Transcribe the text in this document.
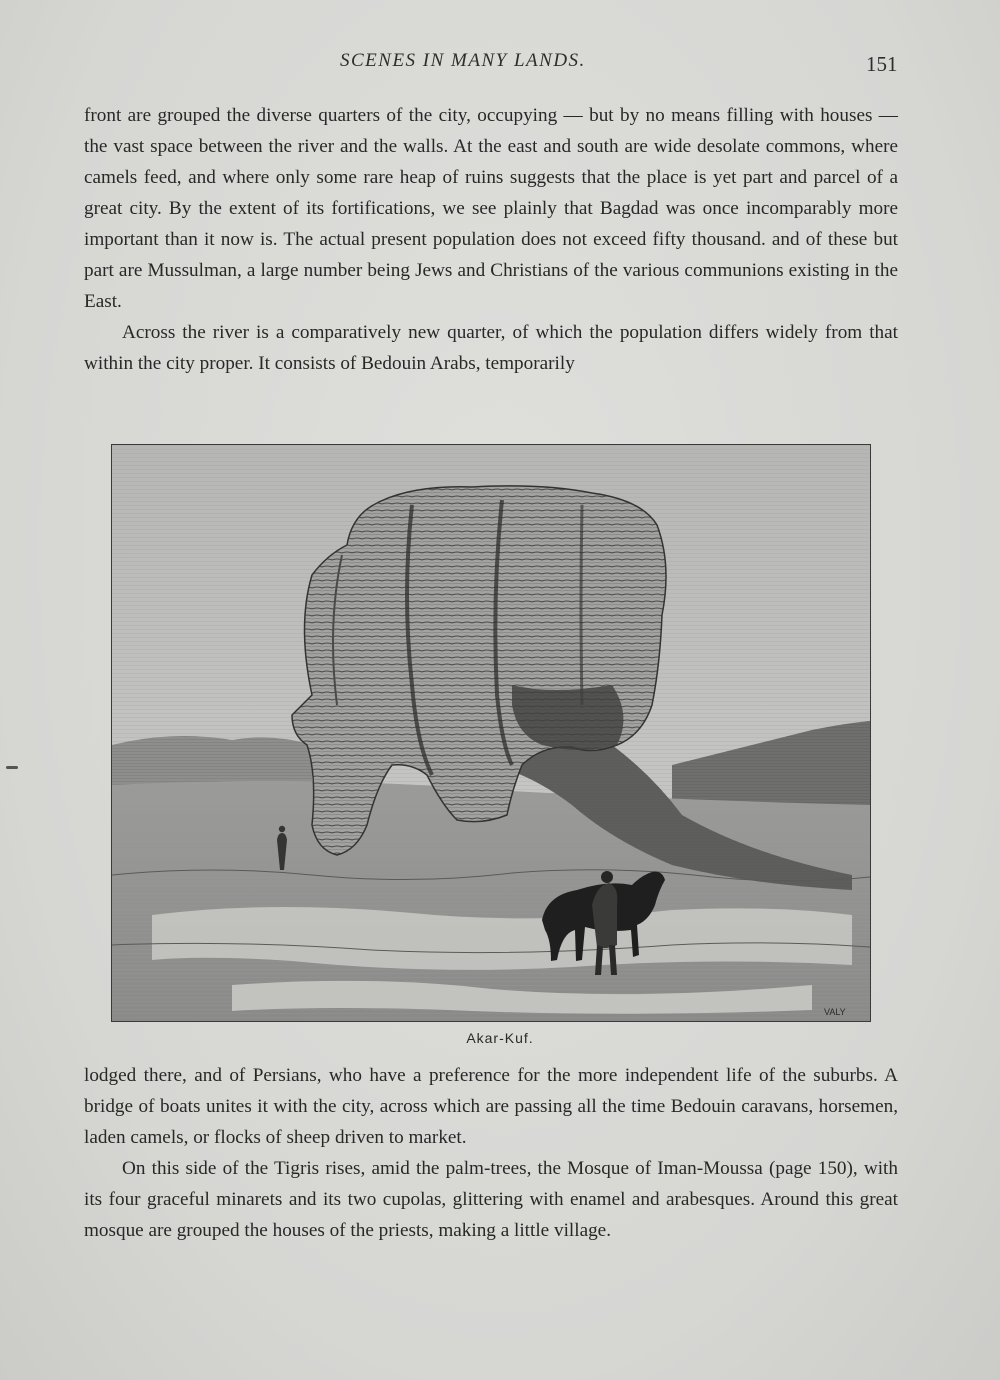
SCENES IN MANY LANDS.	151

front are grouped the diverse quarters of the city, occupying — but by no means filling with houses — the vast space between the river and the walls. At the east and south are wide desolate commons, where camels feed, and where only some rare heap of ruins suggests that the place is yet part and parcel of a great city. By the extent of its fortifications, we see plainly that Bagdad was once incomparably more important than it now is. The actual present population does not exceed fifty thousand. and of these but part are Mussulman, a large number being Jews and Christians of the various communions existing in the East.

Across the river is a comparatively new quarter, of which the population differs widely from that within the city proper. It consists of Bedouin Arabs, temporarily

VALY
Akar-Kuf.

lodged there, and of Persians, who have a preference for the more independent life of the suburbs. A bridge of boats unites it with the city, across which are passing all the time Bedouin caravans, horsemen, laden camels, or flocks of sheep driven to market.

On this side of the Tigris rises, amid the palm-trees, the Mosque of Iman-Moussa (page 150), with its four graceful minarets and its two cupolas, glittering with enamel and arabesques. Around this great mosque are grouped the houses of the priests, making a little village.
